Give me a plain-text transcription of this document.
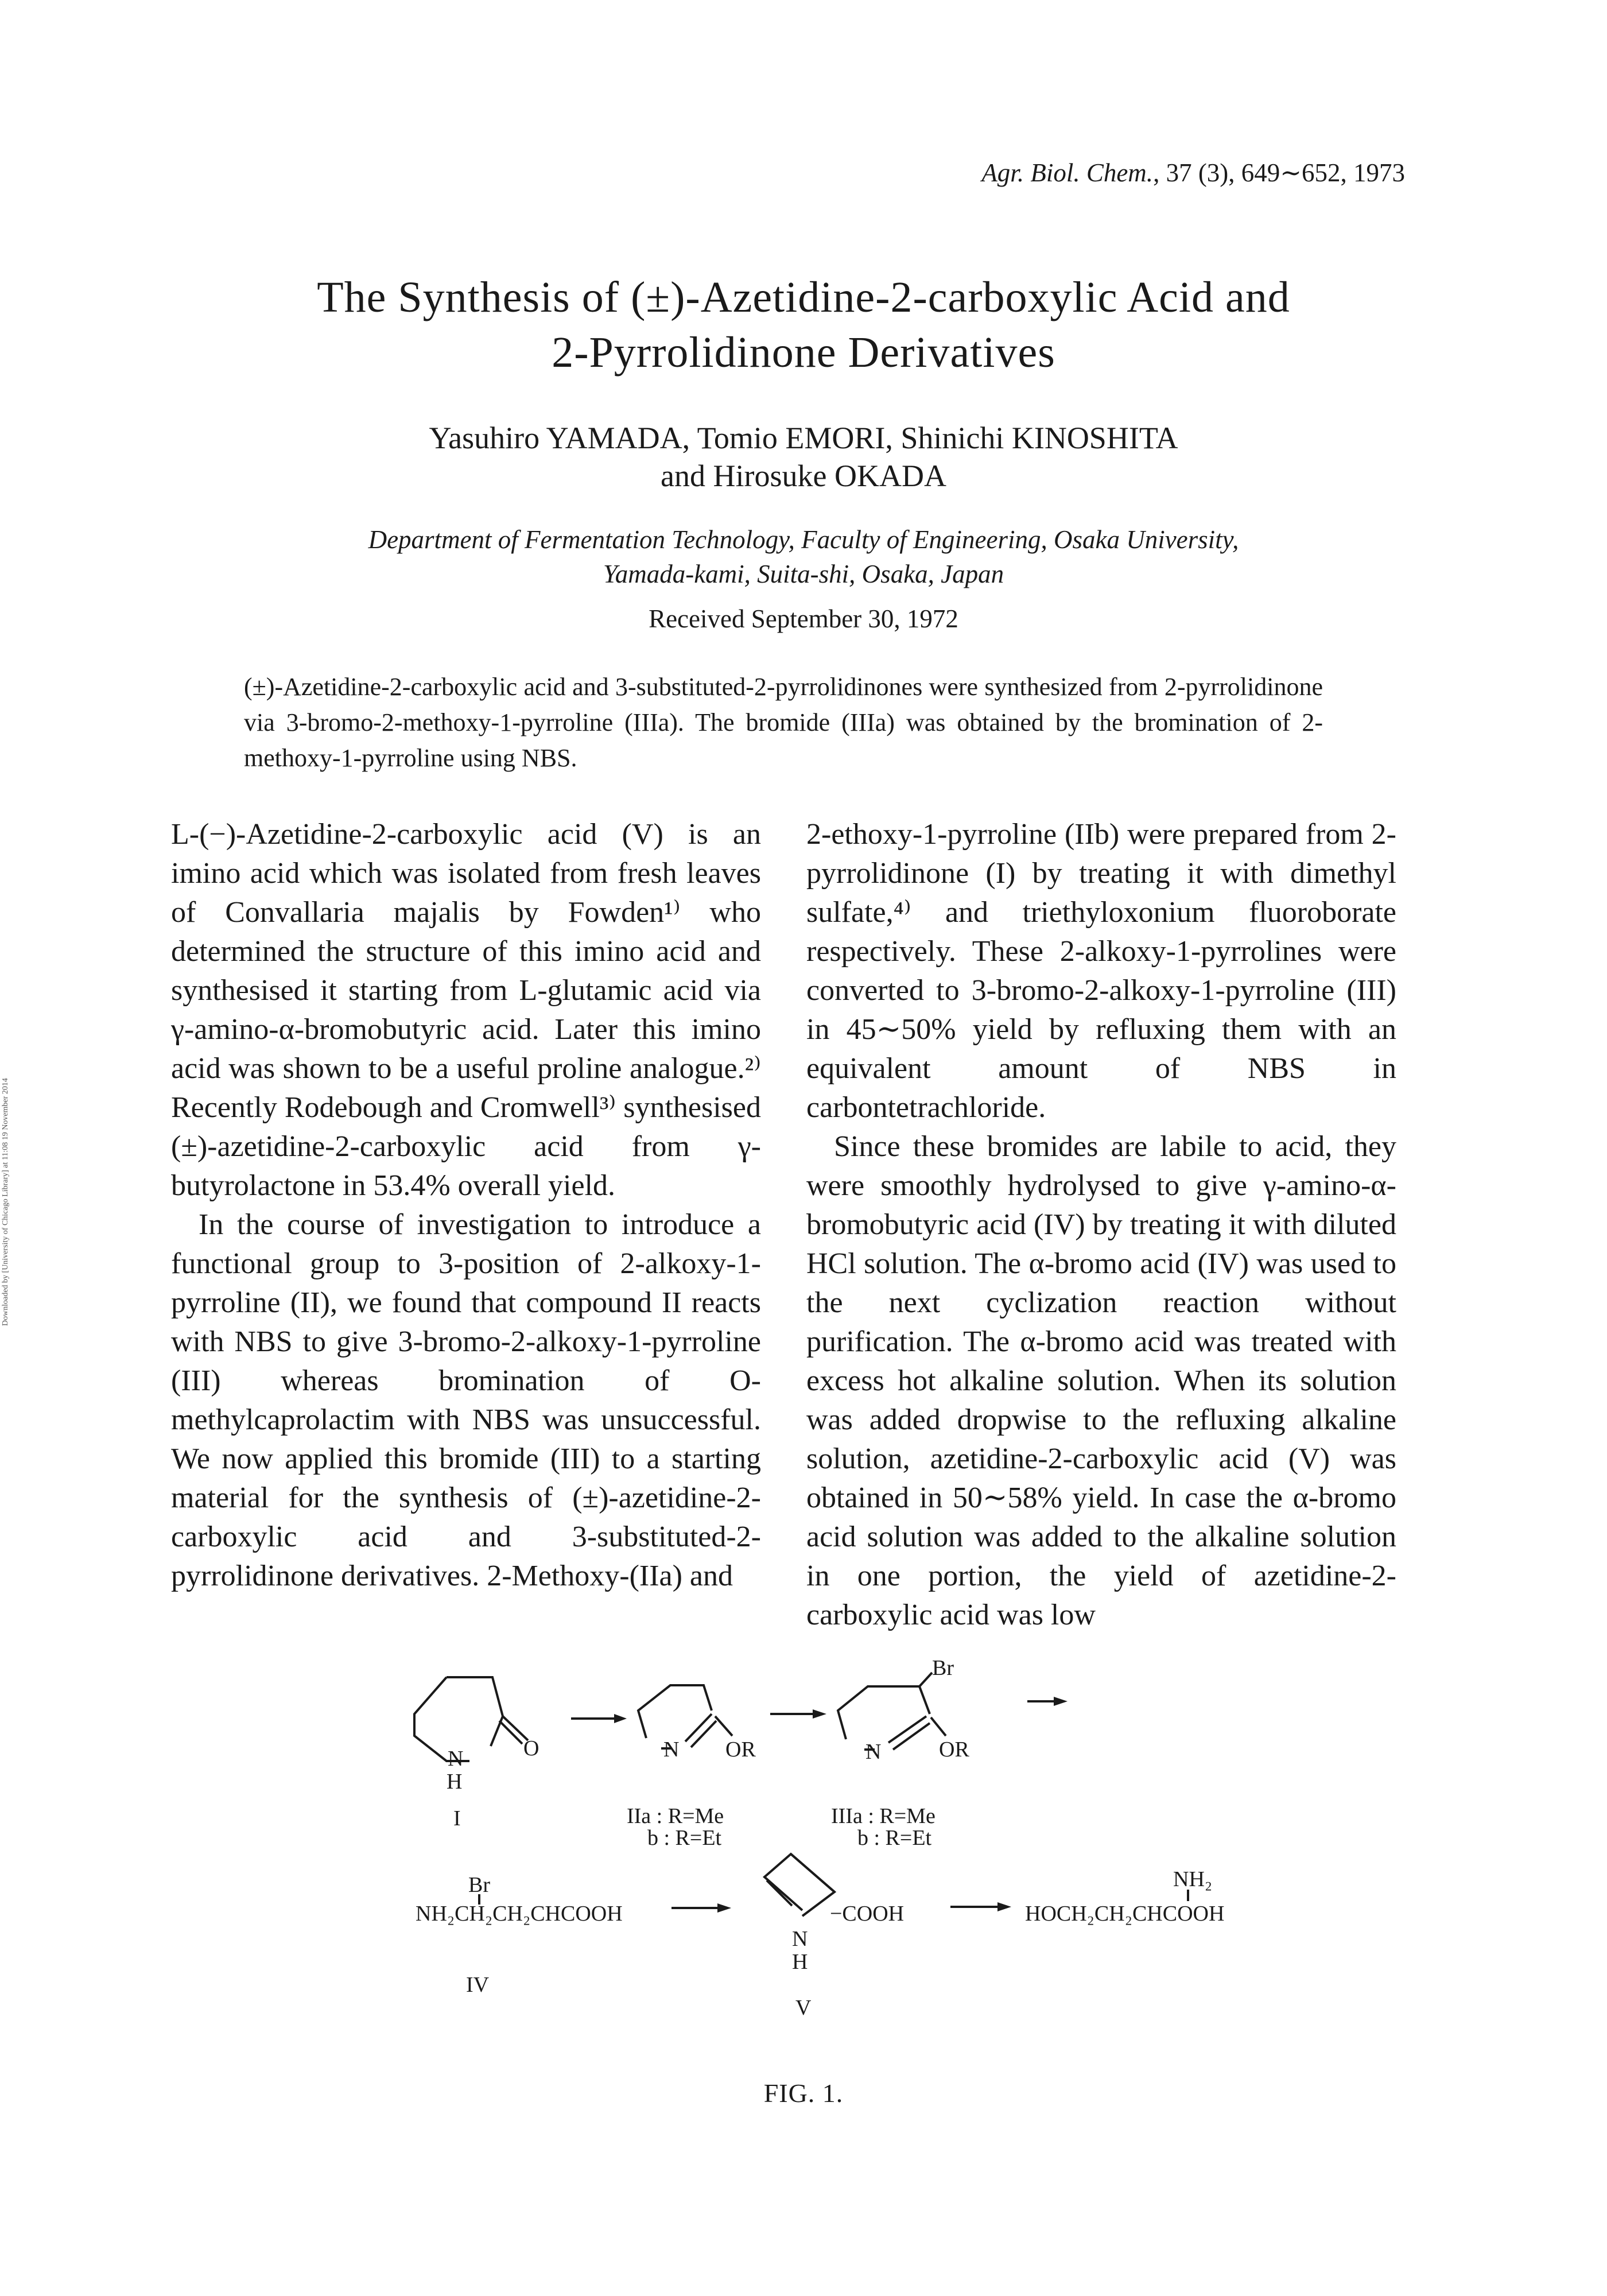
Agr. Biol. Chem., 37 (3), 649∼652, 1973
The Synthesis of (±)-Azetidine-2-carboxylic Acid and
2-Pyrrolidinone Derivatives
Yasuhiro YAMADA, Tomio EMORI, Shinichi KINOSHITA
and Hirosuke OKADA
Department of Fermentation Technology, Faculty of Engineering, Osaka University,
Yamada-kami, Suita-shi, Osaka, Japan
Received September 30, 1972
(±)-Azetidine-2-carboxylic acid and 3-substituted-2-pyrrolidinones were synthesized from 2-pyrrolidinone via 3-bromo-2-methoxy-1-pyrroline (IIIa). The bromide (IIIa) was obtained by the bromination of 2-methoxy-1-pyrroline using NBS.

L-(−)-Azetidine-2-carboxylic acid (V) is an imino acid which was isolated from fresh leaves of Convallaria majalis by Fowden¹⁾ who determined the structure of this imino acid and synthesised it starting from L-glutamic acid via γ-amino-α-bromobutyric acid. Later this imino acid was shown to be a useful proline analogue.²⁾ Recently Rodebough and Cromwell³⁾ synthesised (±)-azetidine-2-carboxylic acid from γ-butyrolactone in 53.4% overall yield.

In the course of investigation to introduce a functional group to 3-position of 2-alkoxy-1-pyrroline (II), we found that compound II reacts with NBS to give 3-bromo-2-alkoxy-1-pyrroline (III) whereas bromination of O-methylcaprolactim with NBS was unsuccessful. We now applied this bromide (III) to a starting material for the synthesis of (±)-azetidine-2-carboxylic acid and 3-substituted-2-pyrrolidinone derivatives. 2-Methoxy-(IIa) and

2-ethoxy-1-pyrroline (IIb) were prepared from 2-pyrrolidinone (I) by treating it with dimethyl sulfate,⁴⁾ and triethyloxonium fluoroborate respectively. These 2-alkoxy-1-pyrrolines were converted to 3-bromo-2-alkoxy-1-pyrroline (III) in 45∼50% yield by refluxing them with an equivalent amount of NBS in carbontetrachloride.

Since these bromides are labile to acid, they were smoothly hydrolysed to give γ-amino-α-bromobutyric acid (IV) by treating it with diluted HCl solution. The α-bromo acid (IV) was used to the next cyclization reaction without purification. The α-bromo acid was treated with excess hot alkaline solution. When its solution was added dropwise to the refluxing alkaline solution, azetidine-2-carboxylic acid (V) was obtained in 50∼58% yield. In case the α-bromo acid solution was added to the alkaline solution in one portion, the yield of azetidine-2-carboxylic acid was low

Downloaded by [University of Chicago Library] at 11:08 19 November 2014
N
H
O
I
N OR
IIa : R=Me
b : R=Et
N	OR
Br
IIIa : R=Me
b : R=Et
Br
NH₂CH₂CH₂CHCOOH
IV
N
H
−COOH
V
NH₂
HOCH₂CH₂CHCOOH
FIG. 1.
